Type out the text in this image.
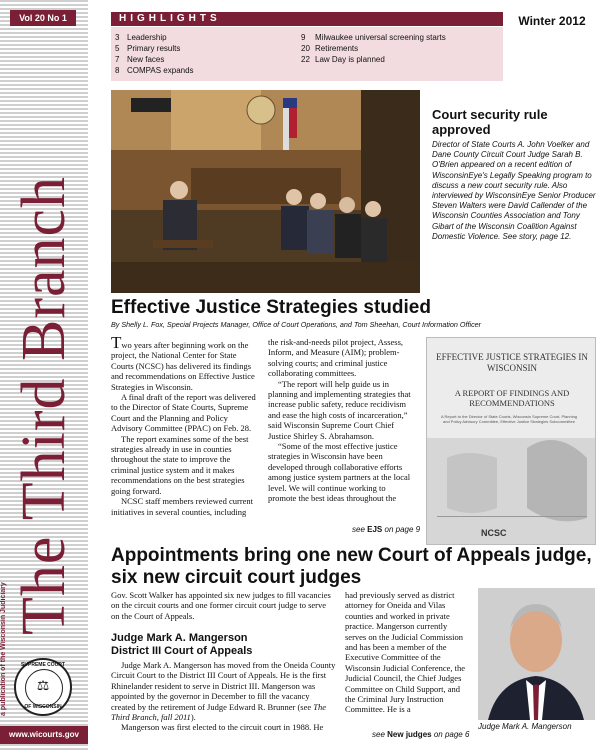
Vol 20 No 1
The Third Branch
a publication of the Wisconsin Judiciary	SUPREME COURT
⚖
OF WISCONSIN
www.wicourts.gov
HIGHLIGHTS
3 Leadership
5 Primary results
7 New faces
8 COMPAS expands
9 Milwaukee universal screening starts
20 Retirements
22 Law Day is planned
Winter 2012
Court security rule approved
Director of State Courts A. John Voelker and Dane County Circuit Court Judge Sarah B. O'Brien appeared on a recent edition of WisconsinEye's Legally Speaking program to discuss a new court security rule. Also interviewed by WisconsinEye Senior Producer Steven Walters were David Callender of the Wisconsin Counties Association and Tony Gibart of the Wisconsin Coalition Against Domestic Violence. See story, page 12.
Effective Justice Strategies studied
By Shelly L. Fox, Special Projects Manager, Office of Court Operations, and Tom Sheehan, Court Information Officer

Two years after beginning work on the project, the National Center for State Courts (NCSC) has delivered its findings and recommendations on Effective Justice Strategies in Wisconsin.

A final draft of the report was delivered to the Director of State Courts, Supreme Court and the Planning and Policy Advisory Committee (PPAC) on Feb. 28.

The report examines some of the best strategies already in use in counties throughout the state to improve the criminal justice system and it makes recommendations on the best strategies going forward.

NCSC staff members reviewed current initiatives in several counties, including

the risk-and-needs pilot project, Assess, Inform, and Measure (AIM); problem-solving courts; and criminal justice collaborating committees.

“The report will help guide us in planning and implementing strategies that increase public safety, reduce recidivism and ease the high costs of incarceration,” said Wisconsin Supreme Court Chief Justice Shirley S. Abrahamson.

“Some of the most effective justice strategies in Wisconsin have been developed through collaborative efforts among justice system partners at the local level. We will continue working to promote the best ideas throughout the

see EJS on page 9
EFFECTIVE JUSTICE STRATEGIES IN WISCONSIN
A REPORT OF FINDINGS AND RECOMMENDATIONS
A Report to the Director of State Courts, Wisconsin Supreme Court, Planning and Policy Advisory Committee, Effective Justice Strategies Subcommittee
NCSC
Appointments bring one new Court of Appeals judge, six new circuit court judges

Gov. Scott Walker has appointed six new judges to fill vacancies on the circuit courts and one former circuit court judge to serve on the Court of Appeals.

Judge Mark A. Mangerson
District III Court of Appeals

Judge Mark A. Mangerson has moved from the Oneida County Circuit Court to the District III Court of Appeals. He is the first Rhinelander resident to serve in District III. Mangerson was appointed by the governor in December to fill the vacancy created by the retirement of Judge Edward R. Brunner (see The Third Branch, fall 2011).

Mangerson was first elected to the circuit court in 1988. He

had previously served as district attorney for Oneida and Vilas counties and worked in private practice. Mangerson currently serves on the Judicial Commission and has been a member of the Executive Committee of the Wisconsin Judicial Conference, the Judicial Council, the Chief Judges Committee on Child Support, and the Criminal Jury Instruction Committee. He is a

see New judges on page 6
Judge Mark A. Mangerson
